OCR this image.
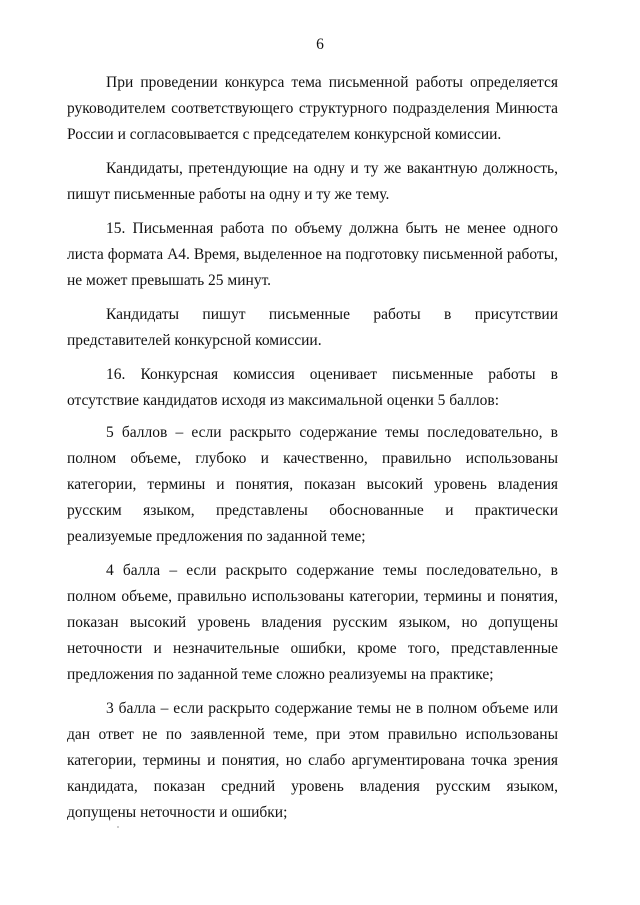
6

При проведении конкурса тема письменной работы определяется руководителем соответствующего структурного подразделения Минюста России и согласовывается с председателем конкурсной комиссии.

Кандидаты, претендующие на одну и ту же вакантную должность, пишут письменные работы на одну и ту же тему.

15. Письменная работа по объему должна быть не менее одного листа формата А4. Время, выделенное на подготовку письменной работы, не может превышать 25 минут.

Кандидаты пишут письменные работы в присутствии представителей конкурсной комиссии.

16. Конкурсная комиссия оценивает письменные работы в отсутствие кандидатов исходя из максимальной оценки 5 баллов:

5 баллов – если раскрыто содержание темы последовательно, в полном объеме, глубоко и качественно, правильно использованы категории, термины и понятия, показан высокий уровень владения русским языком, представлены обоснованные и практически реализуемые предложения по заданной теме;

4 балла – если раскрыто содержание темы последовательно, в полном объеме, правильно использованы категории, термины и понятия, показан высокий уровень владения русским языком, но допущены неточности и незначительные ошибки, кроме того, представленные предложения по заданной теме сложно реализуемы на практике;

3 балла – если раскрыто содержание темы не в полном объеме или дан ответ не по заявленной теме, при этом правильно использованы категории, термины и понятия, но слабо аргументирована точка зрения кандидата, показан средний уровень владения русским языком, допущены неточности и ошибки;
